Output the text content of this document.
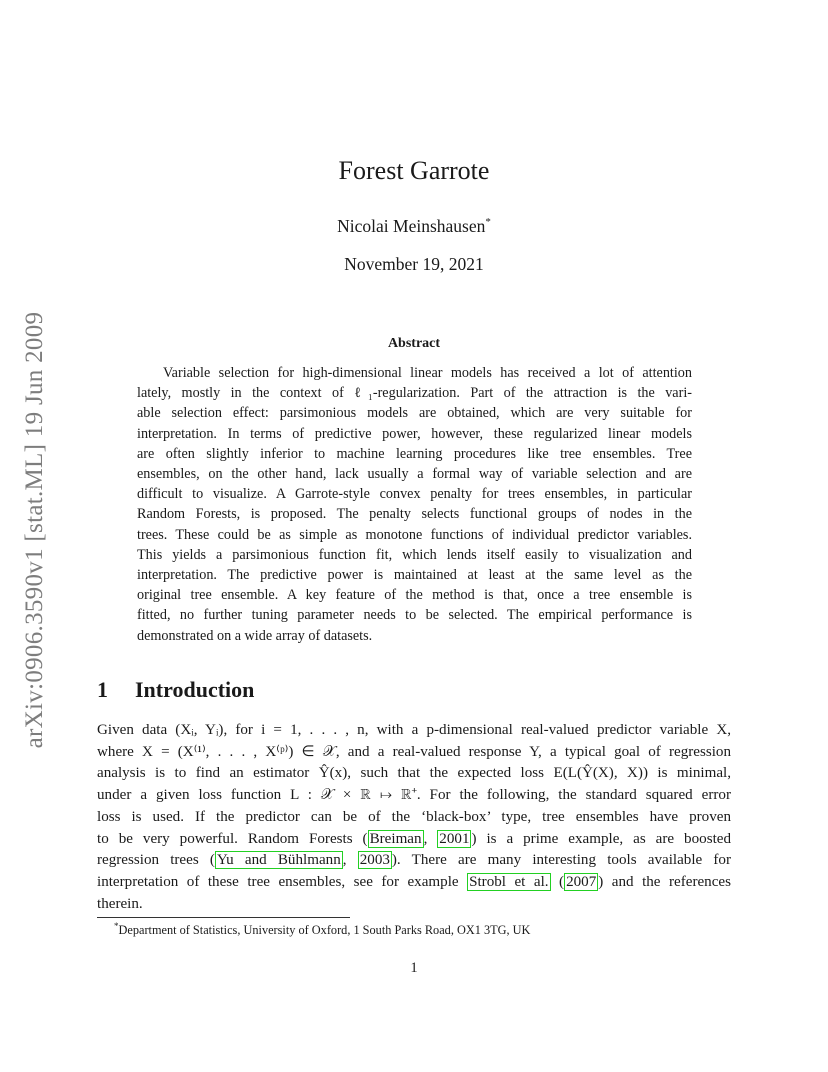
arXiv:0906.3590v1 [stat.ML] 19 Jun 2009
Forest Garrote
Nicolai Meinshausen*
November 19, 2021
Abstract
Variable selection for high-dimensional linear models has received a lot of attention
lately, mostly in the context of ℓ₁-regularization. Part of the attraction is the vari-
able selection effect: parsimonious models are obtained, which are very suitable for
interpretation. In terms of predictive power, however, these regularized linear models
are often slightly inferior to machine learning procedures like tree ensembles. Tree
ensembles, on the other hand, lack usually a formal way of variable selection and are
difficult to visualize. A Garrote-style convex penalty for trees ensembles, in particular
Random Forests, is proposed. The penalty selects functional groups of nodes in the
trees. These could be as simple as monotone functions of individual predictor variables.
This yields a parsimonious function fit, which lends itself easily to visualization and
interpretation. The predictive power is maintained at least at the same level as the
original tree ensemble. A key feature of the method is that, once a tree ensemble is
fitted, no further tuning parameter needs to be selected. The empirical performance is
demonstrated on a wide array of datasets.
1 Introduction
Given data (Xᵢ, Yᵢ), for i = 1, . . . , n, with a p-dimensional real-valued predictor variable X,
where X = (X⁽¹⁾, . . . , X⁽ᵖ⁾) ∈ 𝒳, and a real-valued response Y, a typical goal of regression
analysis is to find an estimator Ŷ(x), such that the expected loss E(L(Ŷ(X), X)) is minimal,
under a given loss function L : 𝒳 × ℝ ↦ ℝ⁺. For the following, the standard squared error
loss is used. If the predictor can be of the ‘black-box’ type, tree ensembles have proven
to be very powerful. Random Forests ( Breiman , 2001 ) is a prime example, as are boosted
regression trees ( Yu and Bühlmann , 2003 ). There are many interesting tools available for
interpretation of these tree ensembles, see for example Strobl et al. ( 2007 ) and the references
therein.
*Department of Statistics, University of Oxford, 1 South Parks Road, OX1 3TG, UK
1
